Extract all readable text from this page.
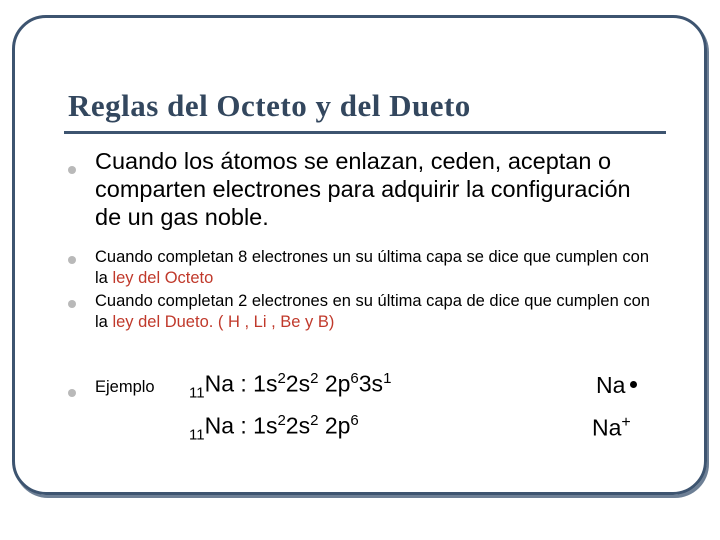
Reglas del Octeto y del Dueto
Cuando los átomos se enlazan, ceden, aceptan o comparten electrones para adquirir la configuración de un gas noble.
Cuando completan 8 electrones un su última capa se dice que cumplen con la ley del Octeto
Cuando completan 2 electrones en su última capa de dice que cumplen con la ley del Dueto. ( H , Li , Be y B)
Ejemplo $_{11}$Na : $1s^22s^2$ $2p^63s^1$
$_{11}$Na : $1s^22s^2$ $2p^6$
Na
Na+
